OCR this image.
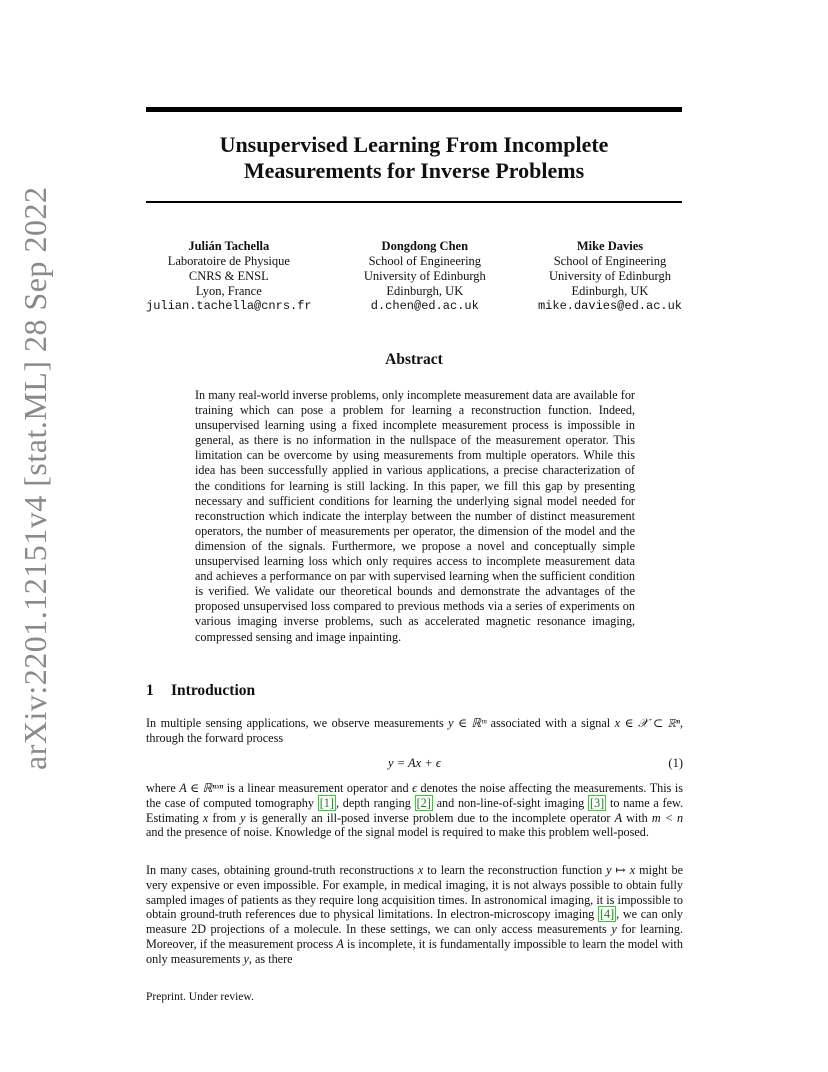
arXiv:2201.12151v4 [stat.ML] 28 Sep 2022
Unsupervised Learning From Incomplete
Measurements for Inverse Problems
Julián Tachella
Laboratoire de Physique
CNRS & ENSL
Lyon, France
julian.tachella@cnrs.fr
Dongdong Chen
School of Engineering
University of Edinburgh
Edinburgh, UK
d.chen@ed.ac.uk
Mike Davies
School of Engineering
University of Edinburgh
Edinburgh, UK
mike.davies@ed.ac.uk
Abstract
In many real-world inverse problems, only incomplete measurement data are available for training which can pose a problem for learning a reconstruction function. Indeed, unsupervised learning using a fixed incomplete measurement process is impossible in general, as there is no information in the nullspace of the measurement operator. This limitation can be overcome by using measurements from multiple operators. While this idea has been successfully applied in various applications, a precise characterization of the conditions for learning is still lacking. In this paper, we fill this gap by presenting necessary and sufficient conditions for learning the underlying signal model needed for reconstruction which indicate the interplay between the number of distinct measurement operators, the number of measurements per operator, the dimension of the model and the dimension of the signals. Furthermore, we propose a novel and conceptually simple unsupervised learning loss which only requires access to incomplete measurement data and achieves a performance on par with supervised learning when the sufficient condition is verified. We validate our theoretical bounds and demonstrate the advantages of the proposed unsupervised loss compared to previous methods via a series of experiments on various imaging inverse problems, such as accelerated magnetic resonance imaging, compressed sensing and image inpainting.
1 Introduction
In multiple sensing applications, we observe measurements y ∈ ℝᵐ associated with a signal x ∈ 𝒳 ⊂ ℝⁿ, through the forward process
y = Ax + ϵ	(1)
where A ∈ ℝⁿˣⁿ is a linear measurement operator and ϵ denotes the noise affecting the measurements. This is the case of computed tomography [1] , depth ranging [2] and non-line-of-sight imaging [3] to name a few. Estimating x from y is generally an ill-posed inverse problem due to the incomplete operator A with m < n and the presence of noise. Knowledge of the signal model is required to make this problem well-posed.
In many cases, obtaining ground-truth reconstructions x to learn the reconstruction function y ↦ x might be very expensive or even impossible. For example, in medical imaging, it is not always possible to obtain fully sampled images of patients as they require long acquisition times. In astronomical imaging, it is impossible to obtain ground-truth references due to physical limitations. In electron-microscopy imaging [4] , we can only measure 2D projections of a molecule. In these settings, we can only access measurements y for learning. Moreover, if the measurement process A is incomplete, it is fundamentally impossible to learn the model with only measurements y, as there
Preprint. Under review.
